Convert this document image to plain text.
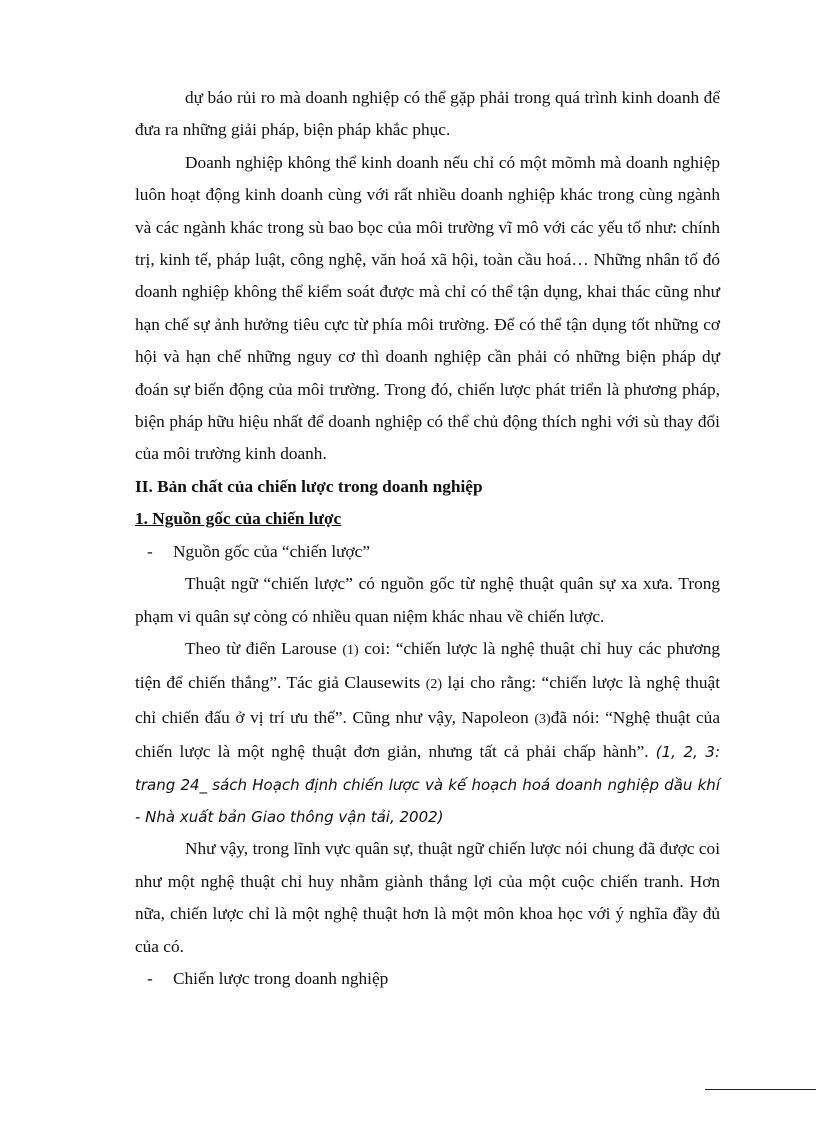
dự báo rủi ro mà doanh nghiệp có thể gặp phải trong quá trình kinh doanh để đưa ra những giải pháp, biện pháp khắc phục.

Doanh nghiệp không thể kinh doanh nếu chỉ có một mõmh mà doanh nghiệp luôn hoạt động kinh doanh cùng với rất nhiều doanh nghiệp khác trong cùng ngành và các ngành khác trong sù bao bọc của môi trường vĩ mô với các yếu tố như: chính trị, kinh tế, pháp luật, công nghệ, văn hoá xã hội, toàn cầu hoá… Những nhân tố đó doanh nghiệp không thể kiểm soát được mà chỉ có thể tận dụng, khai thác cũng như hạn chế sự ảnh hưởng tiêu cực từ phía môi trường. Để có thể tận dụng tốt những cơ hội và hạn chế những nguy cơ thì doanh nghiệp cần phải có những biện pháp dự đoán sự biến động của môi trường. Trong đó, chiến lược phát triển là phương pháp, biện pháp hữu hiệu nhất để doanh nghiệp có thể chủ động thích nghi với sù thay đổi của môi trường kinh doanh.

II. Bản chất của chiến lược trong doanh nghiệp

1. Nguồn gốc của chiến lược

- Nguồn gốc của “chiến lược”

Thuật ngữ “chiến lược” có nguồn gốc từ nghệ thuật quân sự xa xưa. Trong phạm vi quân sự còng có nhiều quan niệm khác nhau về chiến lược.

Theo từ điển Larouse (1) coi: “chiến lược là nghệ thuật chỉ huy các phương tiện để chiến thắng”. Tác giả Clausewits (2) lại cho rằng: “chiến lược là nghệ thuật chỉ chiến đấu ở vị trí ưu thế”. Cũng như vậy, Napoleon (3)đã nói: “Nghệ thuật của chiến lược là một nghệ thuật đơn giản, nhưng tất cả phải chấp hành”. (1, 2, 3: trang 24_ sách Hoạch định chiến lược và kế hoạch hoá doanh nghiệp dầu khí - Nhà xuất bản Giao thông vận tải, 2002)

Như vậy, trong lĩnh vực quân sự, thuật ngữ chiến lược nói chung đã được coi như một nghệ thuật chỉ huy nhằm giành thắng lợi của một cuộc chiến tranh. Hơn nữa, chiến lược chỉ là một nghệ thuật hơn là một môn khoa học với ý nghĩa đầy đủ của có.

- Chiến lược trong doanh nghiệp
